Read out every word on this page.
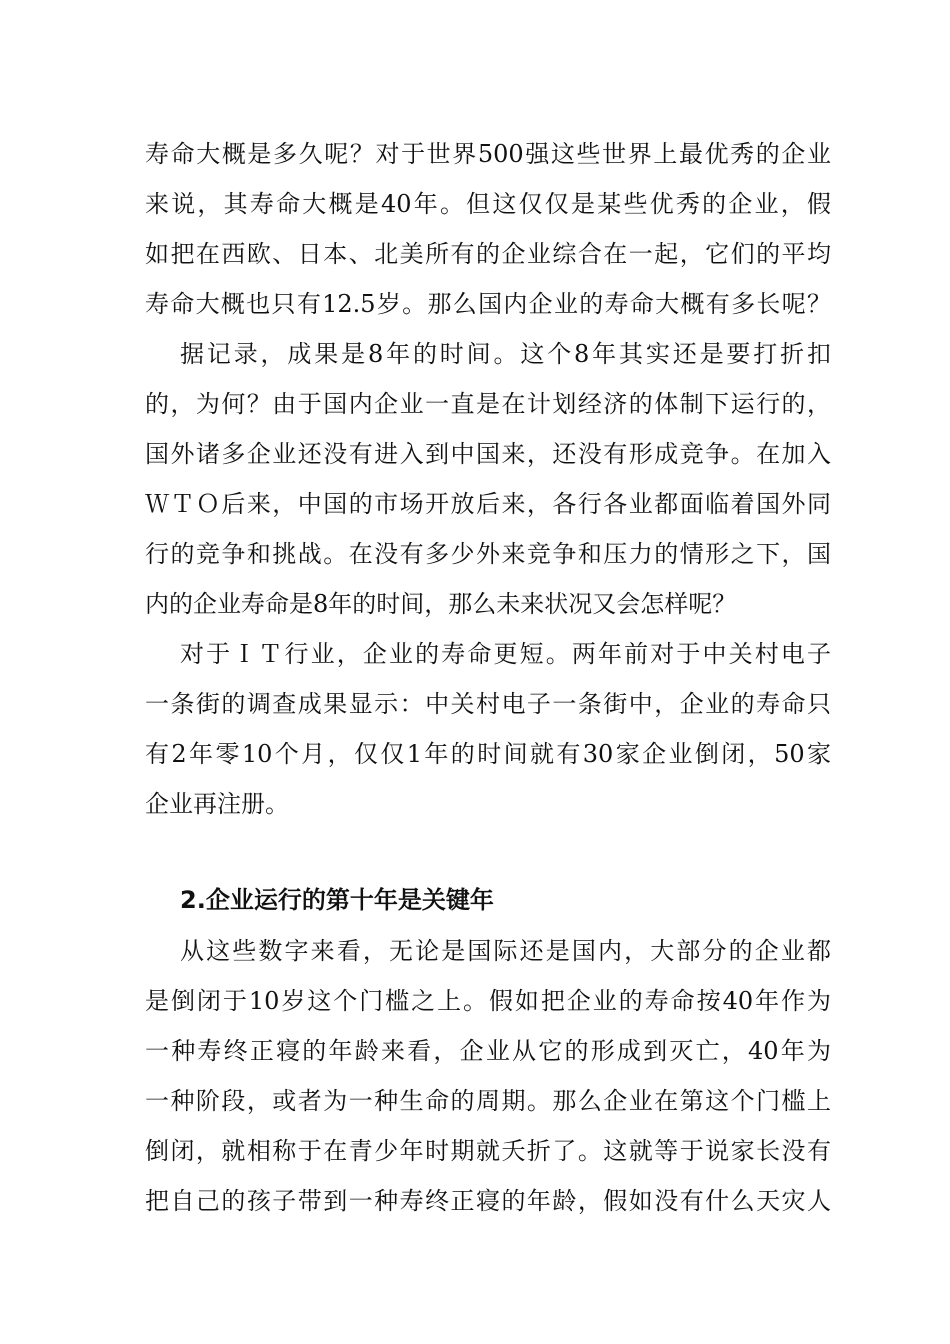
寿命大概是多久呢？对于世界500强这些世界上最优秀的企业
来说，其寿命大概是40年。但这仅仅是某些优秀的企业，假
如把在西欧、日本、北美所有的企业综合在一起，它们的平均
寿命大概也只有12.5岁。那么国内企业的寿命大概有多长呢？
据记录，成果是8年的时间。这个8年其实还是要打折扣
的，为何？由于国内企业一直是在计划经济的体制下运行的，
国外诸多企业还没有进入到中国来，还没有形成竞争。在加入
ＷＴＯ后来，中国的市场开放后来，各行各业都面临着国外同
行的竞争和挑战。在没有多少外来竞争和压力的情形之下，国
内的企业寿命是8年的时间，那么未来状况又会怎样呢？
对于ＩＴ行业，企业的寿命更短。两年前对于中关村电子
一条街的调查成果显示：中关村电子一条街中，企业的寿命只
有2年零10个月，仅仅1年的时间就有30家企业倒闭，50家
企业再注册。
2.企业运行的第十年是关键年
从这些数字来看，无论是国际还是国内，大部分的企业都
是倒闭于10岁这个门槛之上。假如把企业的寿命按40年作为
一种寿终正寝的年龄来看，企业从它的形成到灭亡，40年为
一种阶段，或者为一种生命的周期。那么企业在第这个门槛上
倒闭，就相称于在青少年时期就夭折了。这就等于说家长没有
把自己的孩子带到一种寿终正寝的年龄，假如没有什么天灾人
